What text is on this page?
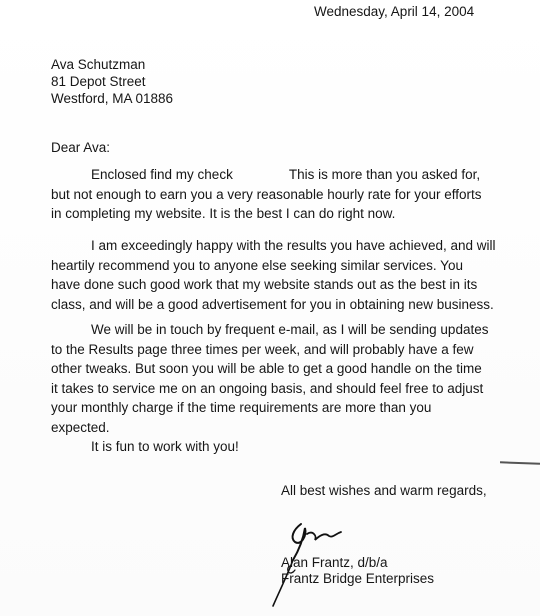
Wednesday, April 14, 2004
Ava Schutzman
81 Depot Street
Westford, MA 01886
Dear Ava:
Enclosed find my check               This is more than you asked for,
but not enough to earn you a very reasonable hourly rate for your efforts
in completing my website. It is the best I can do right now.
I am exceedingly happy with the results you have achieved, and will
heartily recommend you to anyone else seeking similar services. You
have done such good work that my website stands out as the best in its
class, and will be a good advertisement for you in obtaining new business.
We will be in touch by frequent e-mail, as I will be sending updates
to the Results page three times per week, and will probably have a few
other tweaks. But soon you will be able to get a good handle on the time
it takes to service me on an ongoing basis, and should feel free to adjust
your monthly charge if the time requirements are more than you
expected.
It is fun to work with you!
All best wishes and warm regards,
Alan Frantz, d/b/a
Frantz Bridge Enterprises
